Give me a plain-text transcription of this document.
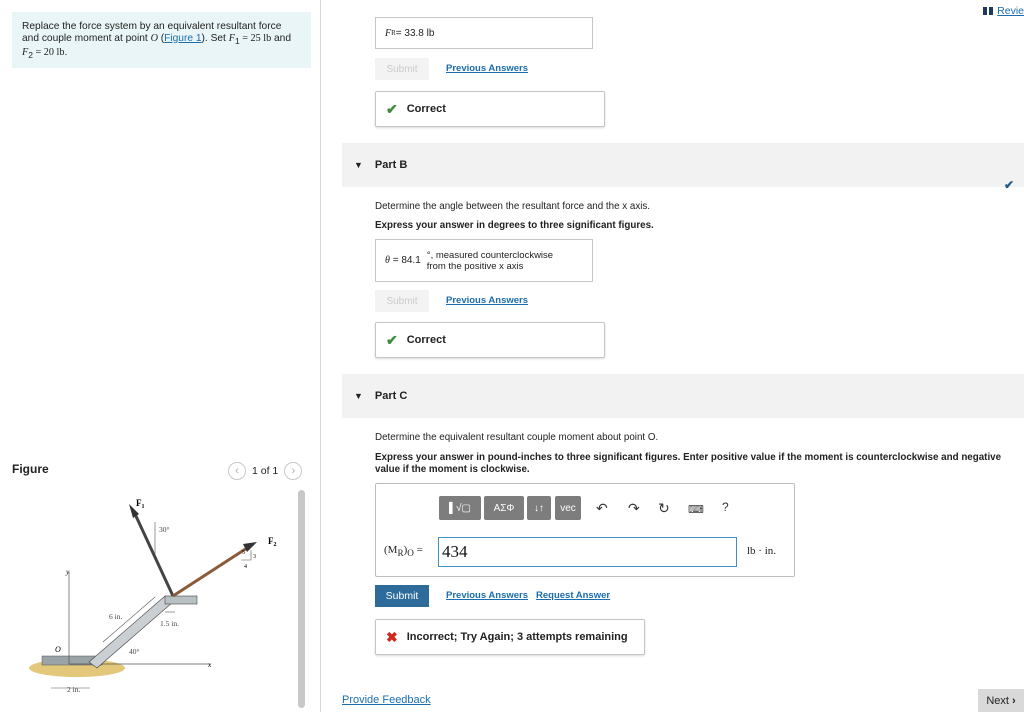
Replace the force system by an equivalent resultant force and couple moment at point O (Figure 1). Set $F_1 = 25$ lb and $F_2 = 20$ lb.
Figure	‹	1 of 1	›
$F_1$
$F_2$
30°
40°
6 in.
1.5 in.
2 in.
O
y
x
3
4
5
Revie
F R = 33.8 lb
Submit	Previous Answers
✔ Correct
▼ Part B
✔
Determine the angle between the resultant force and the x axis.
Express your answer in degrees to three significant figures.
θ = 84.1 °, measured counterclockwise
from the positive x axis
Submit	Previous Answers
✔ Correct
▼ Part C
Determine the equivalent resultant couple moment about point O.
Express your answer in pound-inches to three significant figures. Enter positive value if the moment is counterclockwise and negative value if the moment is clockwise.
▌√▢	ΑΣΦ	↓↑	vec	↶ ↷ ↻ ⌨ ?
$(M_R)_O = 434$	lb · in.
Submit	Previous Answers Request Answer
✖ Incorrect; Try Again; 3 attempts remaining
Provide Feedback	Next ›
